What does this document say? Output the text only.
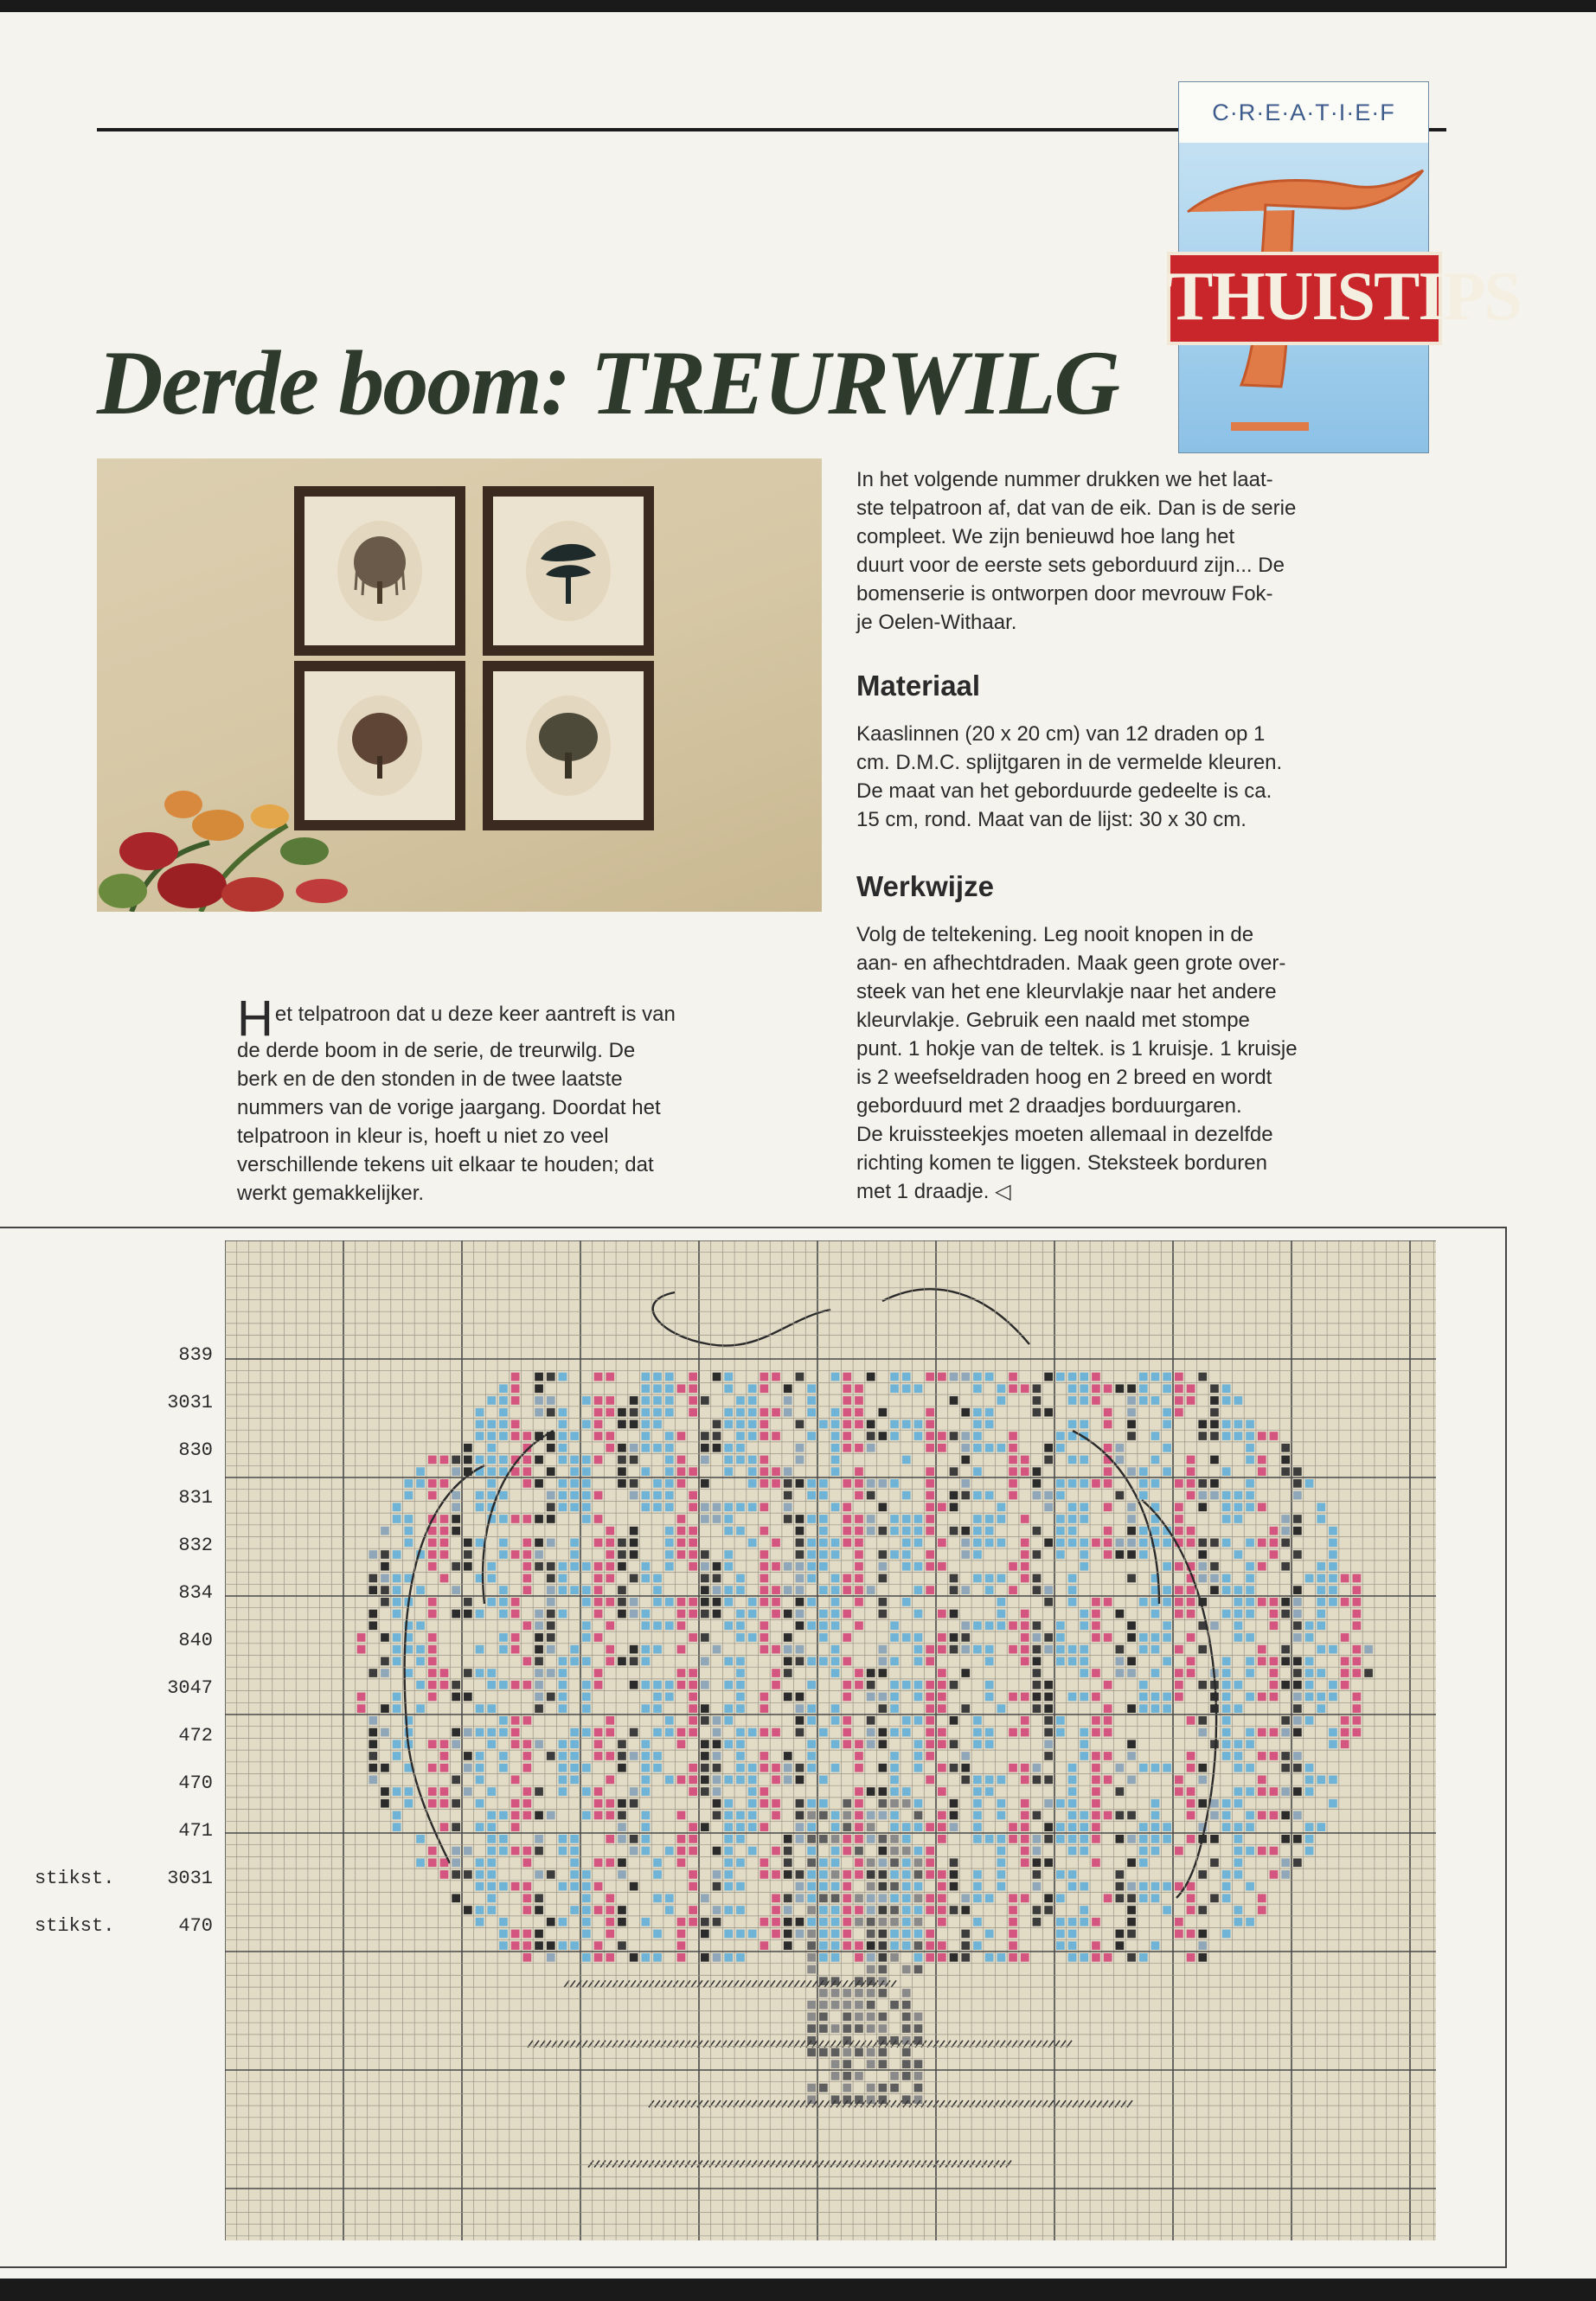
C·R·E·A·T·I·E·F
THUISTIPS
Derde boom: TREURWILG

In het volgende nummer drukken we het laat-

ste telpatroon af, dat van de eik. Dan is de serie

compleet. We zijn benieuwd hoe lang het

duurt voor de eerste sets geborduurd zijn... De

bomenserie is ontworpen door mevrouw Fok-

je Oelen-Withaar.

Materiaal

Kaaslinnen (20 x 20 cm) van 12 draden op 1

cm. D.M.C. splijtgaren in de vermelde kleuren.

De maat van het geborduurde gedeelte is ca.

15 cm, rond. Maat van de lijst: 30 x 30 cm.

Werkwijze

Volg de teltekening. Leg nooit knopen in de

aan- en afhechtdraden. Maak geen grote over-

steek van het ene kleurvlakje naar het andere

kleurvlakje. Gebruik een naald met stompe

punt. 1 hokje van de teltek. is 1 kruisje. 1 kruisje

is 2 weefseldraden hoog en 2 breed en wordt

geborduurd met 2 draadjes borduurgaren.

De kruissteekjes moeten allemaal in dezelfde

richting komen te liggen. Steksteek borduren

met 1 draadje. ◁

Het telpatroon dat u deze keer aantreft is van

de derde boom in de serie, de treurwilg. De

berk en de den stonden in de twee laatste

nummers van de vorige jaargang. Doordat het

telpatroon in kleur is, hoeft u niet zo veel

verschillende tekens uit elkaar te houden; dat

werkt gemakkelijker.

839
3031
830
831
832
834
840
3047
472
470
471
stikst.	3031
stikst.	470
